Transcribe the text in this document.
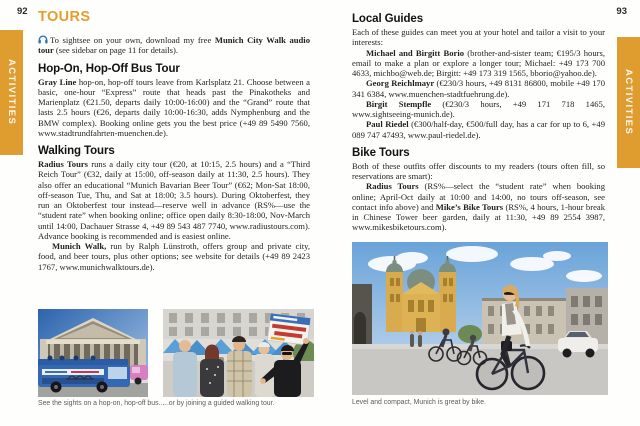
92	93
ACTIVITIES	ACTIVITIES
TOURS

To sightsee on your own, download my free Munich City Walk audio tour (see sidebar on page 11 for details).

Hop-On, Hop-Off Bus Tour

Gray Line hop-on, hop-off tours leave from Karlsplatz 21. Choose between a basic, one-hour “Express” route that heads past the Pinakotheks and Marienplatz (€21.50, departs daily 10:00-16:00) and the “Grand” route that lasts 2.5 hours (€26, departs daily 10:00-16:30, adds Nymphenburg and the BMW complex). Booking online gets you the best price (+49 89 5490 7560, www.stadtrundfahrten-muenchen.de).

Walking Tours

Radius Tours runs a daily city tour (€20, at 10:15, 2.5 hours) and a “Third Reich Tour” (€32, daily at 15:00, off-season daily at 11:30, 2.5 hours). They also offer an educational “Munich Bavarian Beer Tour” (€62; Mon-Sat 18:00, off-season Tue, Thu, and Sat at 18:00; 3.5 hours). During Oktoberfest, they run an Oktoberfest tour instead—reserve well in advance (RS%—use the “student rate” when booking online; office open daily 8:30-18:00, Nov-March until 14:00, Dachauer Strasse 4, +49 89 543 487 7740, www.radiustours.com). Advance booking is recommended and is easiest online.

Munich Walk, run by Ralph Lünstroth, offers group and private city, food, and beer tours, plus other options; see website for details (+49 89 2423 1767, www.munichwalktours.de).

See the sights on a hop-on, hop-off bus...
...or by joining a guided walking tour.
Local Guides

Each of these guides can meet you at your hotel and tailor a visit to your interests:

Michael and Birgitt Borio (brother-and-sister team; €195/3 hours, email to make a plan or explore a longer tour; Michael: +49 173 700 4633, michbo@web.de; Birgitt: +49 173 319 1565, bborio@yahoo.de).

Georg Reichlmayr (€230/3 hours, +49 8131 86800, mobile +49 170 341 6384, www.muenchen-stadtfuehrung.de).

Birgit Stempfle (€230/3 hours, +49 171 718 1465, www.sightseeing-munich.de).

Paul Riedel (€300/half-day, €500/full day, has a car for up to 6, +49 089 747 47493, www.paul-riedel.de).

Bike Tours

Both of these outfits offer discounts to my readers (tours often fill, so reservations are smart):

Radius Tours (RS%—select the “student rate” when booking online; April-Oct daily at 10:00 and 14:00, no tours off-season, see contact info above) and Mike’s Bike Tours (RS%, 4 hours, 1-hour break in Chinese Tower beer garden, daily at 11:30, +49 89 2554 3987, www.mikesbiketours.com).

Level and compact, Munich is great by bike.
